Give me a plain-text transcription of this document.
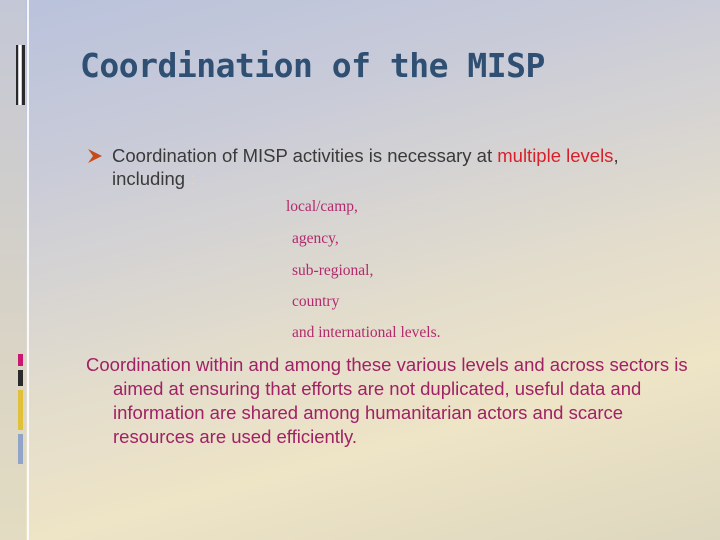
Coordination of the MISP
Coordination of MISP activities is necessary at multiple levels, including :
local/camp,
agency,
sub-regional,
country
and international levels.

Coordination within and among these various levels and across sectors is aimed at ensuring that efforts are not duplicated, useful data and information are shared among humanitarian actors and scarce resources are used efficiently.
